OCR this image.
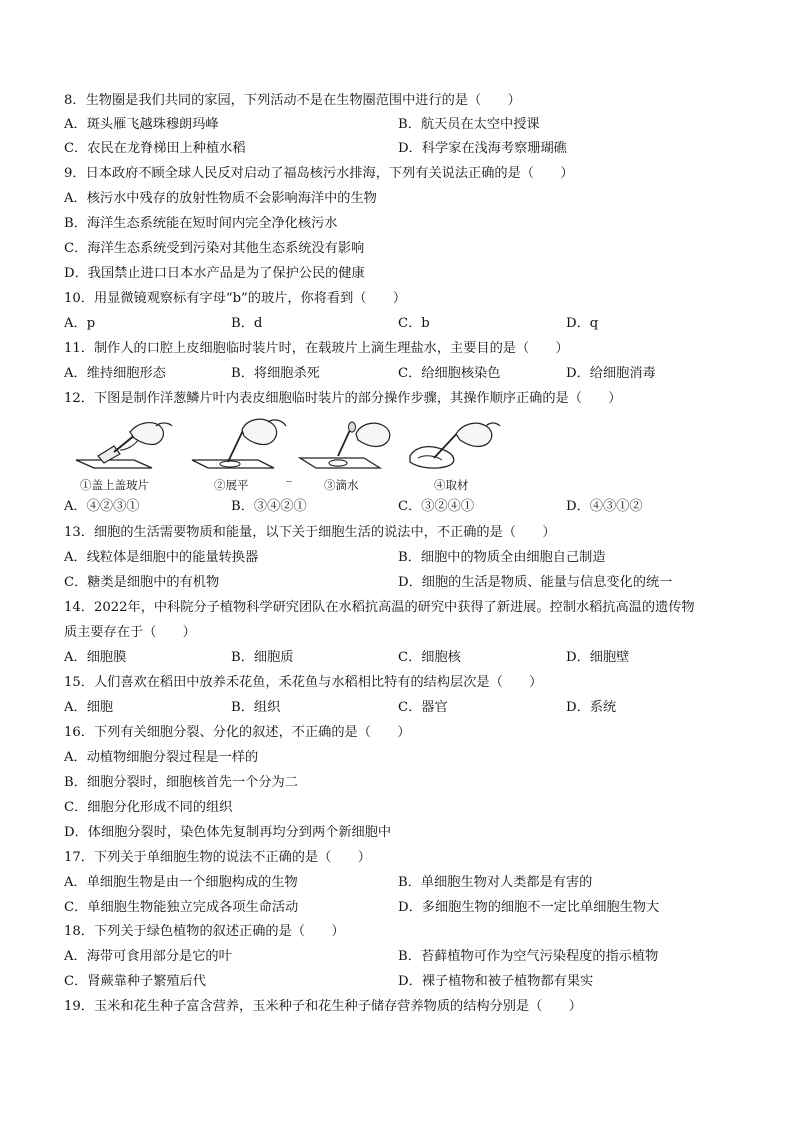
8．生物圈是我们共同的家园，下列活动不是在生物圈范围中进行的是（　　）
A．斑头雁飞越珠穆朗玛峰	B．航天员在太空中授课
C．农民在龙脊梯田上种植水稻	D．科学家在浅海考察珊瑚礁
9．日本政府不顾全球人民反对启动了福岛核污水排海，下列有关说法正确的是（　　）
A．核污水中残存的放射性物质不会影响海洋中的生物
B．海洋生态系统能在短时间内完全净化核污水
C．海洋生态系统受到污染对其他生态系统没有影响
D．我国禁止进口日本水产品是为了保护公民的健康
10．用显微镜观察标有字母“b”的玻片，你将看到（　　）
A．p	B．d	C．b	D．q
11．制作人的口腔上皮细胞临时装片时，在载玻片上滴生理盐水，主要目的是（　　）
A．维持细胞形态	B．将细胞杀死	C．给细胞核染色	D．给细胞消毒
12．下图是制作洋葱鳞片叶内表皮细胞临时装片的部分操作步骤，其操作顺序正确的是（　　）
①盖上盖玻片	②展平
_
③滴水	④取材
A．④②③①	B．③④②①	C．③②④①	D．④③①②
13．细胞的生活需要物质和能量，以下关于细胞生活的说法中，不正确的是（　　）
A．线粒体是细胞中的能量转换器	B．细胞中的物质全由细胞自己制造
C．糖类是细胞中的有机物	D．细胞的生活是物质、能量与信息变化的统一
14．2022年，中科院分子植物科学研究团队在水稻抗高温的研究中获得了新进展。控制水稻抗高温的遗传物
质主要存在于（　　）
A．细胞膜	B．细胞质	C．细胞核	D．细胞壁
15．人们喜欢在稻田中放养禾花鱼，禾花鱼与水稻相比特有的结构层次是（　　）
A．细胞	B．组织	C．器官	D．系统
16．下列有关细胞分裂、分化的叙述，不正确的是（　　）
A．动植物细胞分裂过程是一样的
B．细胞分裂时，细胞核首先一个分为二
C．细胞分化形成不同的组织
D．体细胞分裂时，染色体先复制再均分到两个新细胞中
17．下列关于单细胞生物的说法不正确的是（　　）
A．单细胞生物是由一个细胞构成的生物	B．单细胞生物对人类都是有害的
C．单细胞生物能独立完成各项生命活动	D．多细胞生物的细胞不一定比单细胞生物大
18．下列关于绿色植物的叙述正确的是（　　）
A．海带可食用部分是它的叶	B．苔藓植物可作为空气污染程度的指示植物
C．肾蕨靠种子繁殖后代	D．裸子植物和被子植物都有果实
19．玉米和花生种子富含营养，玉米种子和花生种子储存营养物质的结构分别是（　　）
